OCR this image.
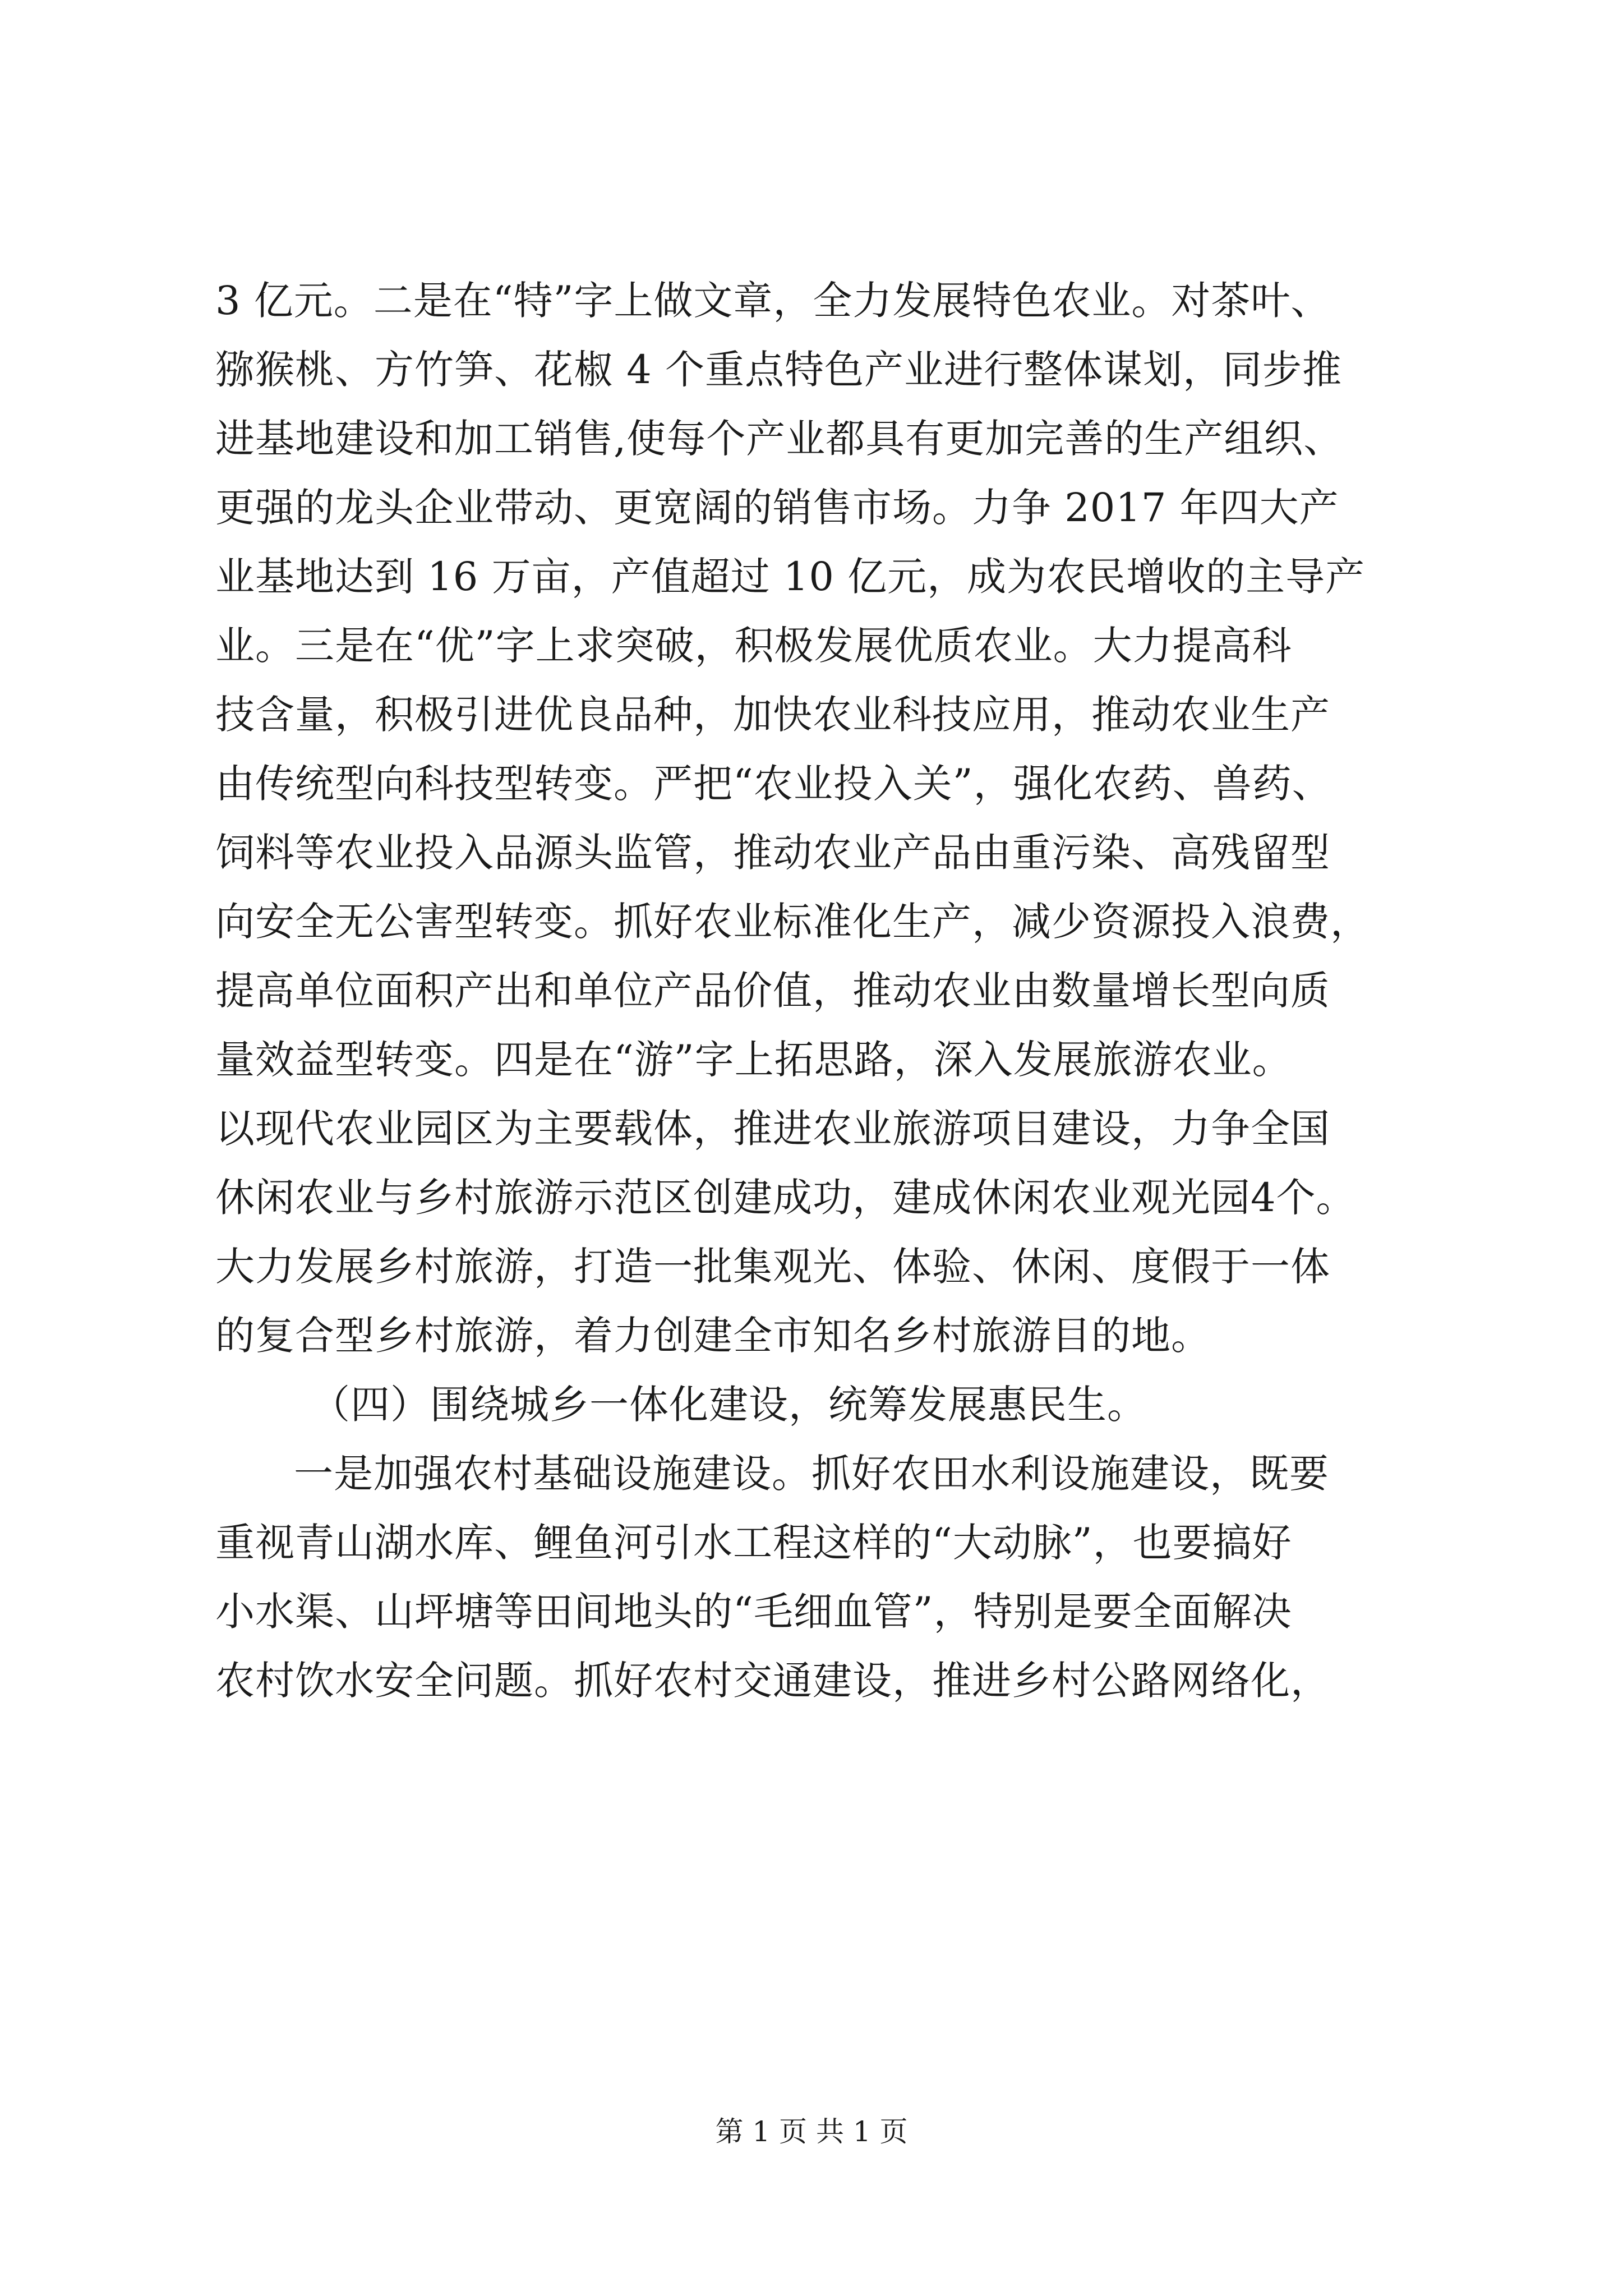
3 亿元。二是在“特”字上做文章，全力发展特色农业。对茶叶、
猕猴桃、方竹笋、花椒 4 个重点特色产业进行整体谋划，同步推
进基地建设和加工销售,使每个产业都具有更加完善的生产组织、
更强的龙头企业带动、更宽阔的销售市场。力争 2017 年四大产
业基地达到 16 万亩，产值超过 10 亿元，成为农民增收的主导产
业。三是在“优”字上求突破，积极发展优质农业。大力提高科
技含量，积极引进优良品种，加快农业科技应用，推动农业生产
由传统型向科技型转变。严把“农业投入关”，强化农药、兽药、
饲料等农业投入品源头监管，推动农业产品由重污染、高残留型
向安全无公害型转变。抓好农业标准化生产，减少资源投入浪费，
提高单位面积产出和单位产品价值，推动农业由数量增长型向质
量效益型转变。四是在“游”字上拓思路，深入发展旅游农业。
以现代农业园区为主要载体，推进农业旅游项目建设，力争全国
休闲农业与乡村旅游示范区创建成功，建成休闲农业观光园4个。
大力发展乡村旅游，打造一批集观光、体验、休闲、度假于一体
的复合型乡村旅游，着力创建全市知名乡村旅游目的地。
（四）围绕城乡一体化建设，统筹发展惠民生。
一是加强农村基础设施建设。抓好农田水利设施建设，既要
重视青山湖水库、鲤鱼河引水工程这样的“大动脉”，也要搞好
小水渠、山坪塘等田间地头的“毛细血管”，特别是要全面解决
农村饮水安全问题。抓好农村交通建设，推进乡村公路网络化，
第 1 页 共 1 页
